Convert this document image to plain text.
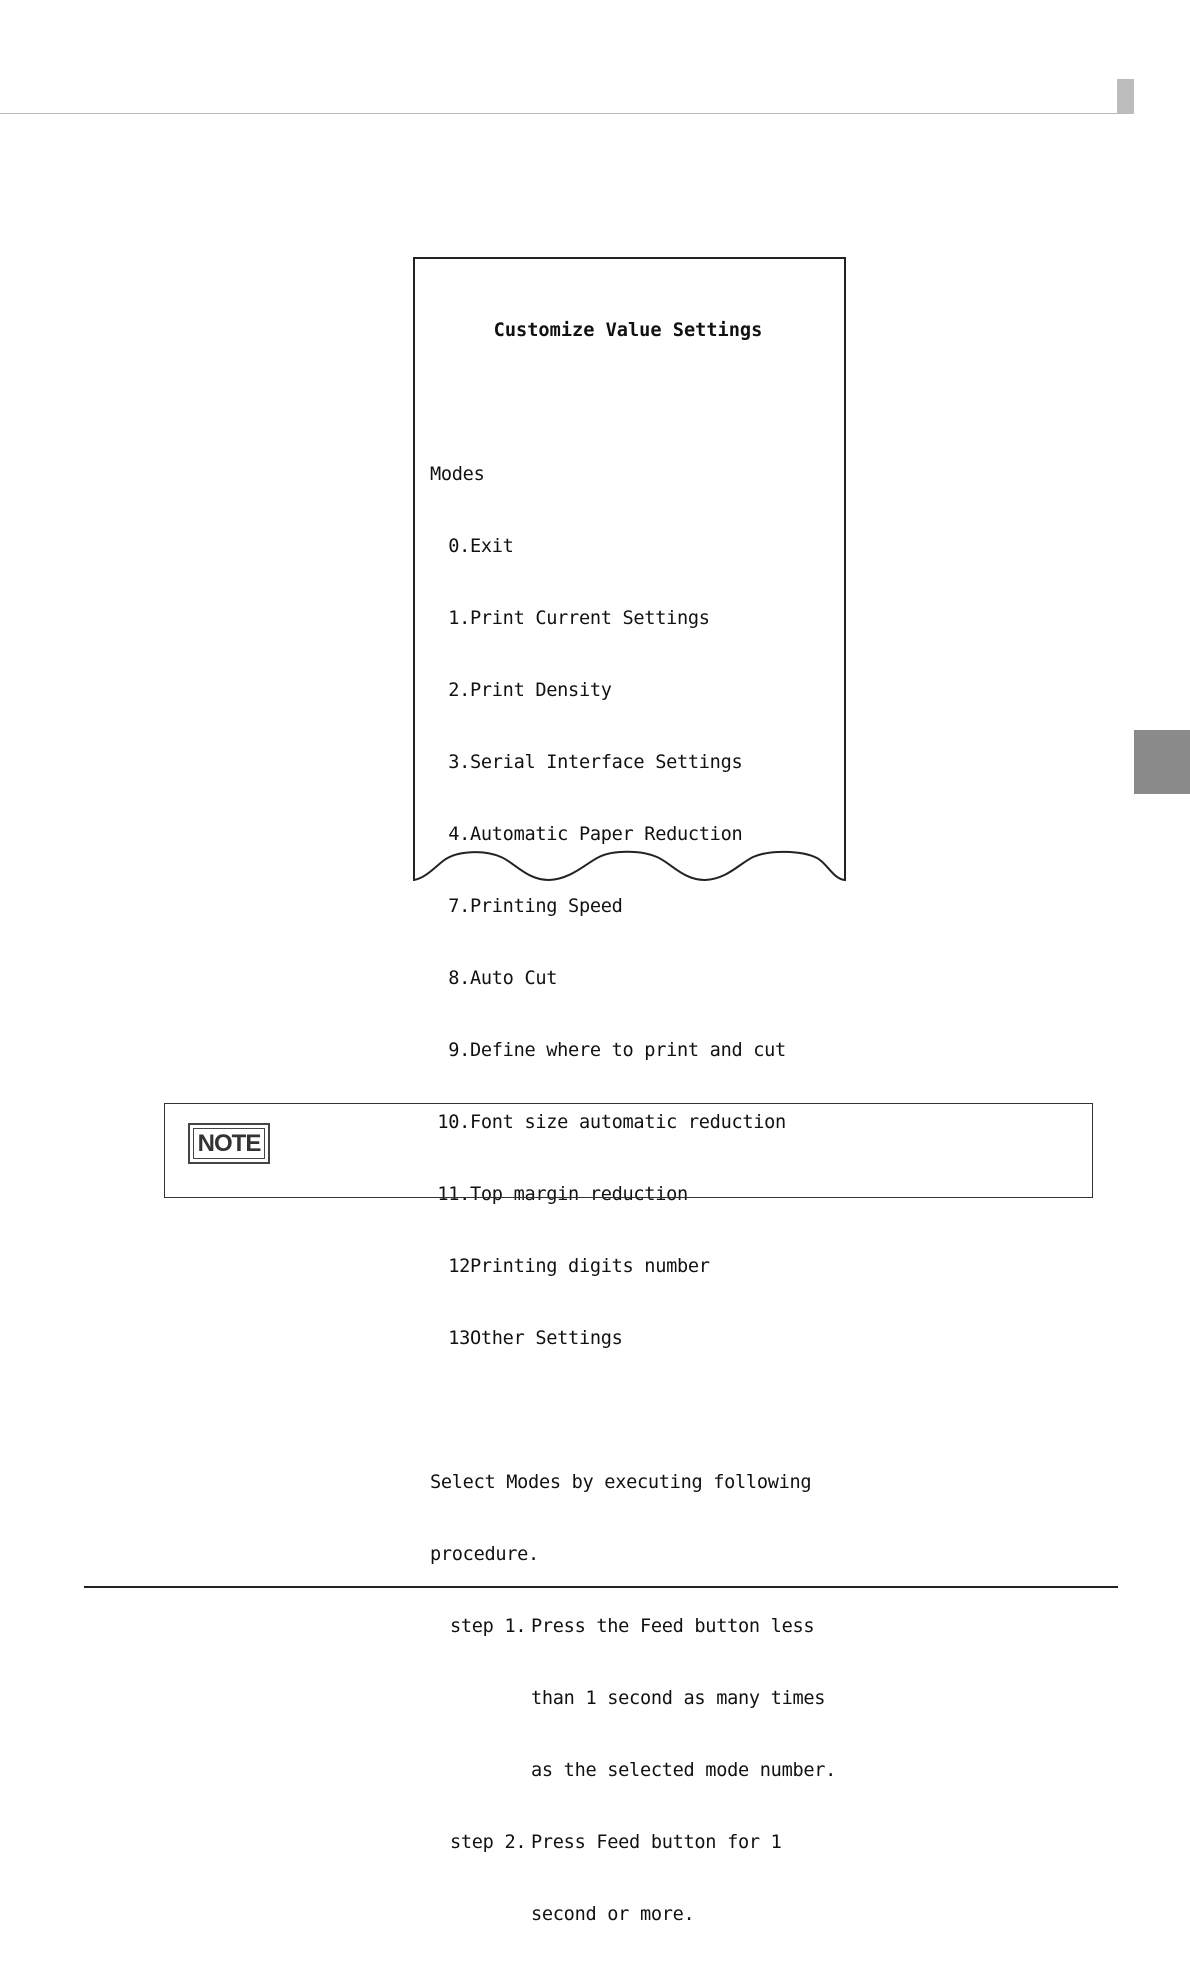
Customize Value Settings

Modes

0. Exit

1. Print Current Settings

2. Print Density

3. Serial Interface Settings

4. Automatic Paper Reduction

7. Printing Speed

8. Auto Cut

9. Define where to print and cut

10. Font size automatic reduction

11. Top margin reduction

12 Printing digits number

13 Other Settings

Select Modes by executing following

procedure.

step 1. Press the Feed button less

than 1 second as many times

as the selected mode number.

step 2. Press Feed button for 1

second or more.

NOTE
